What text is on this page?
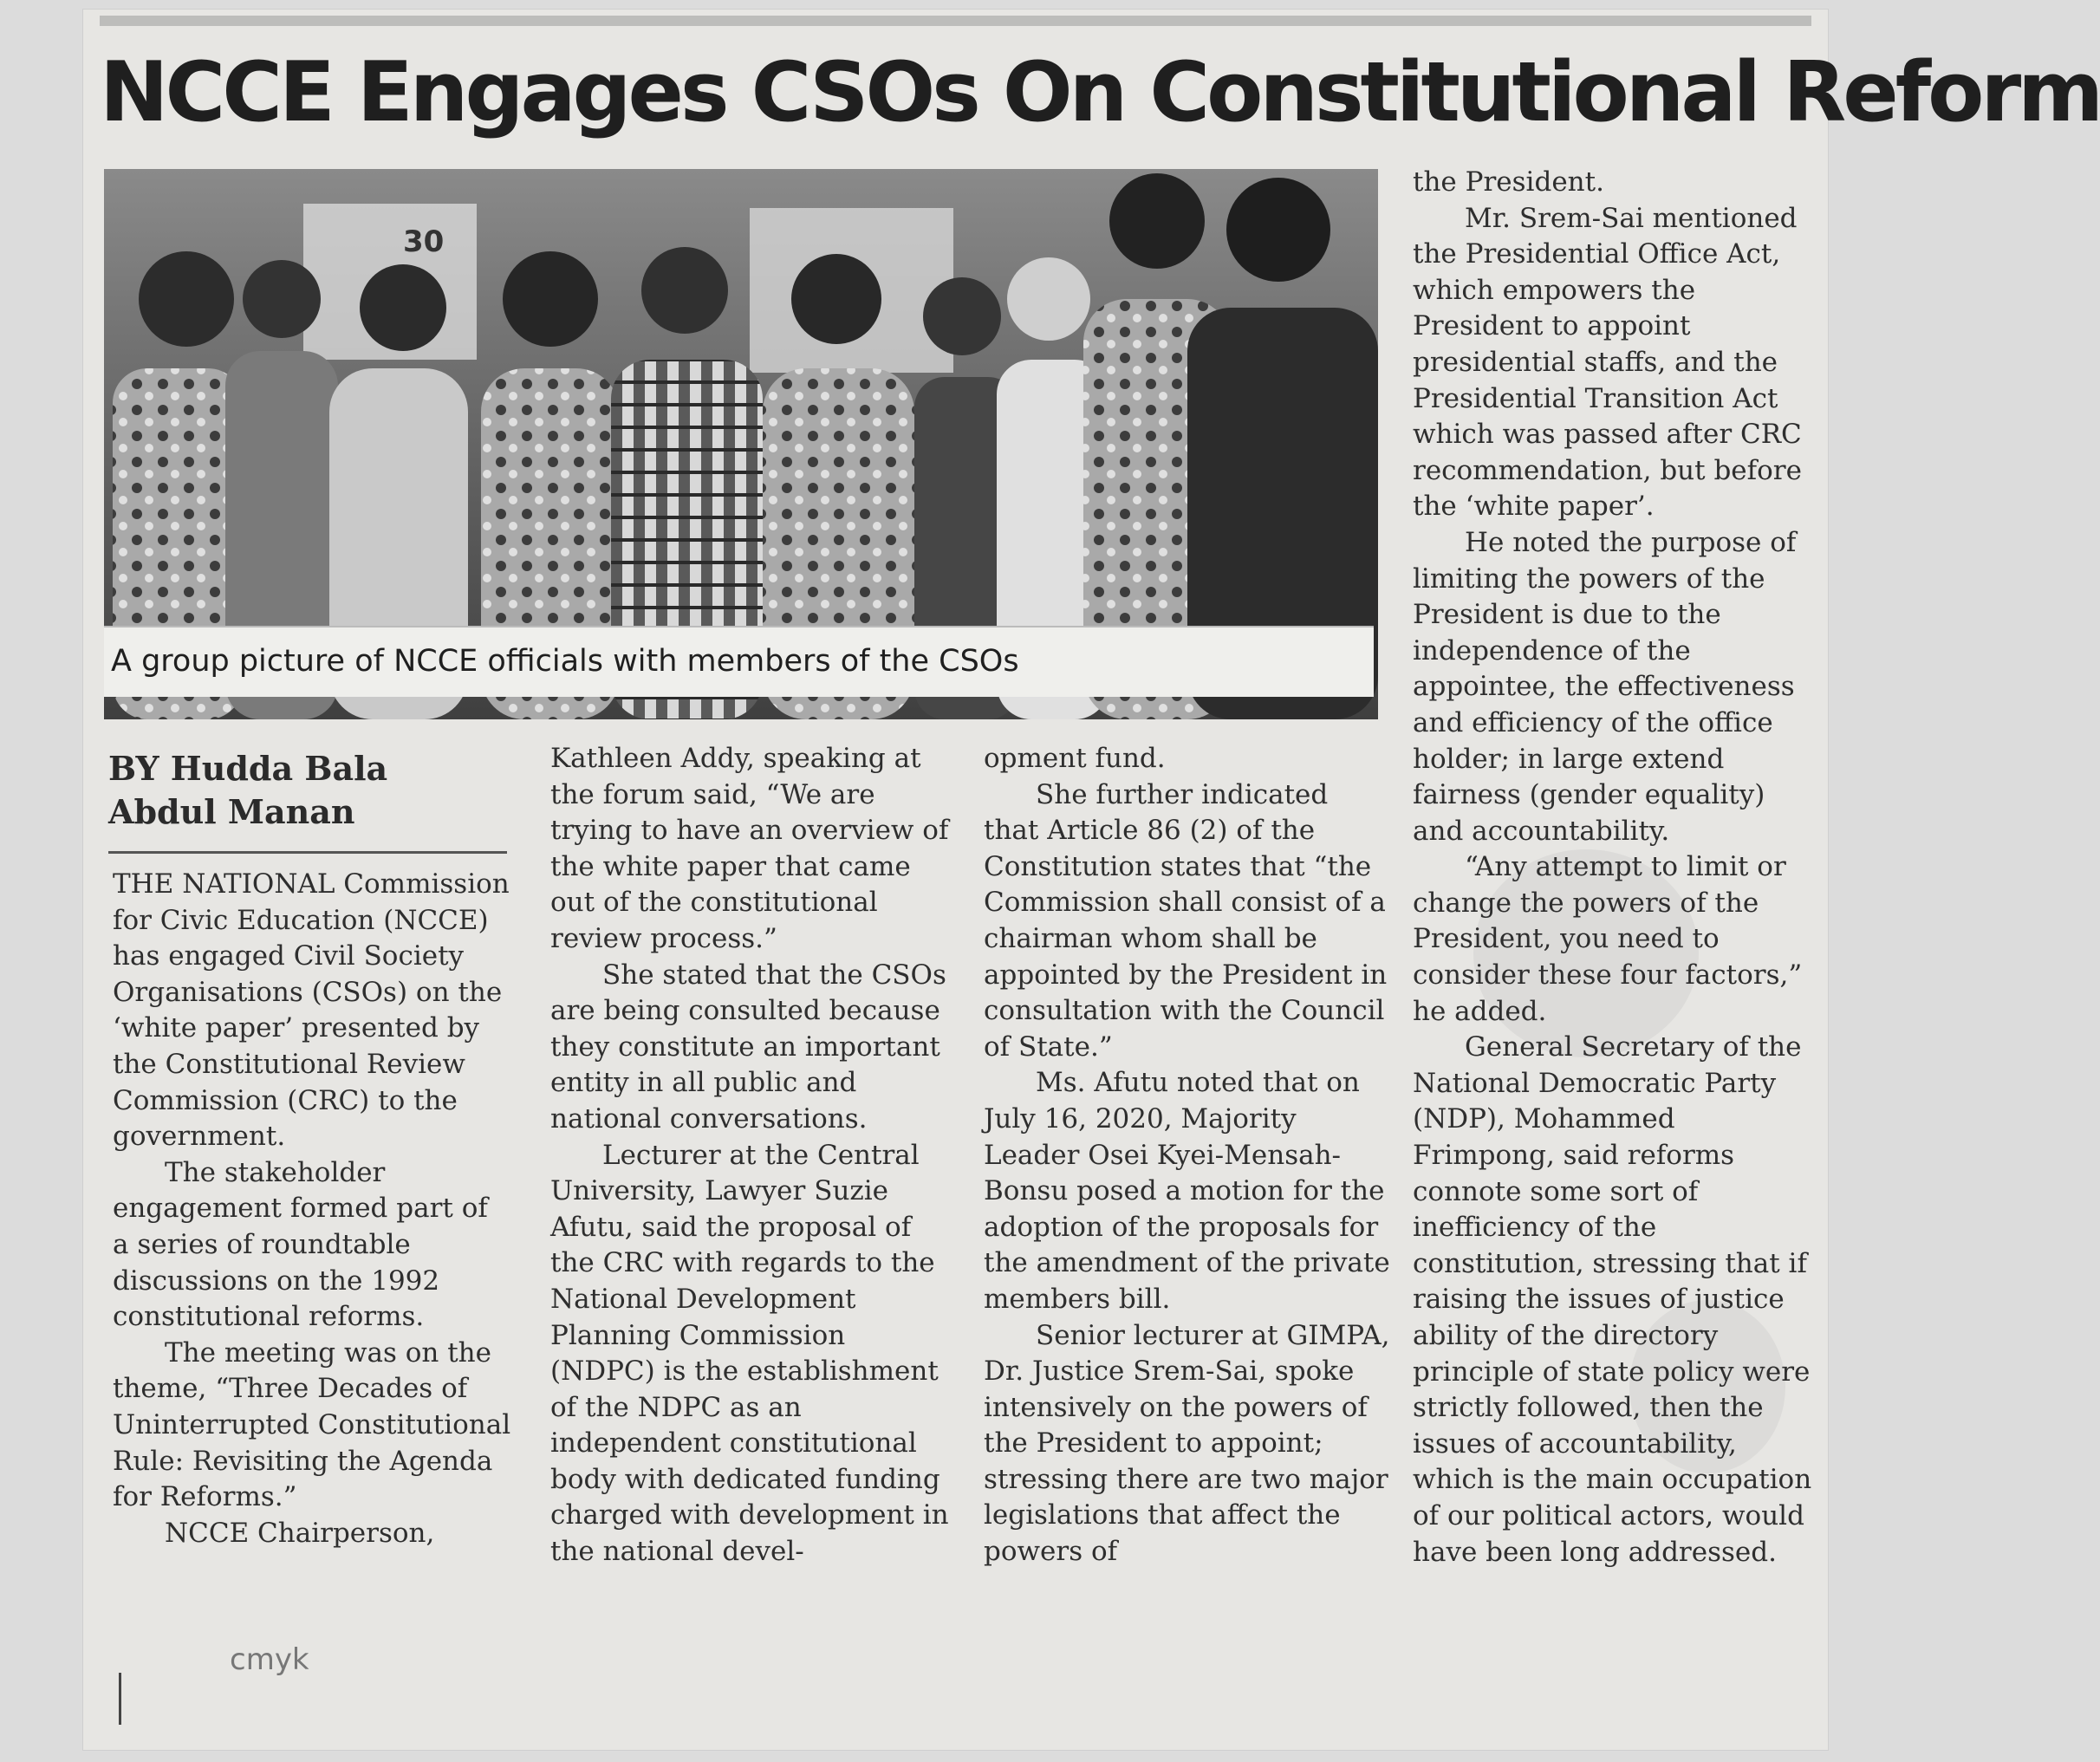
NCCE Engages CSOs On Constitutional Reform
30
A group picture of NCCE officials with members of the CSOs
BY Hudda Bala
Abdul Manan

THE NATIONAL Commission for Civic Education (NCCE) has engaged Civil Society Organisations (CSOs) on the ‘white paper’ presented by the Constitutional Review Commission (CRC) to the government.

The stakeholder engagement formed part of a series of roundtable discussions on the 1992 constitutional reforms.

The meeting was on the theme, “Three Decades of Uninterrupted Constitutional Rule: Revisiting the Agenda for Reforms.”

NCCE Chairperson,

Kathleen Addy, speaking at the forum said, “We are trying to have an overview of the white paper that came out of the constitutional review process.”

She stated that the CSOs are being consulted because they constitute an important entity in all public and national conversations.

Lecturer at the Central University, Lawyer Suzie Afutu, said the proposal of the CRC with regards to the National Development Planning Commission (NDPC) is the establishment of the NDPC as an independent constitutional body with dedicated funding charged with development in the national devel-

opment fund.

She further indicated that Article 86 (2) of the Constitution states that “the Commission shall consist of a chairman whom shall be appointed by the President in consultation with the Council of State.”

Ms. Afutu noted that on July 16, 2020, Majority Leader Osei Kyei-Mensah-Bonsu posed a motion for the adoption of the proposals for the amendment of the private members bill.

Senior lecturer at GIMPA, Dr. Justice Srem-Sai, spoke intensively on the powers of the President to appoint; stressing there are two major legislations that affect the powers of

the President.

Mr. Srem-Sai mentioned the Presidential Office Act, which empowers the President to appoint presidential staffs, and the Presidential Transition Act which was passed after CRC recommendation, but before the ‘white paper’.

He noted the purpose of limiting the powers of the President is due to the independence of the appointee, the effectiveness and efficiency of the office holder; in large extend fairness (gender equality) and accountability.

“Any attempt to limit or change the powers of the President, you need to consider these four factors,” he added.

General Secretary of the National Democratic Party (NDP), Mohammed Frimpong, said reforms connote some sort of inefficiency of the constitution, stressing that if raising the issues of justice ability of the directory principle of state policy were strictly followed, then the issues of accountability, which is the main occupation of our political actors, would have been long addressed.

cmyk
